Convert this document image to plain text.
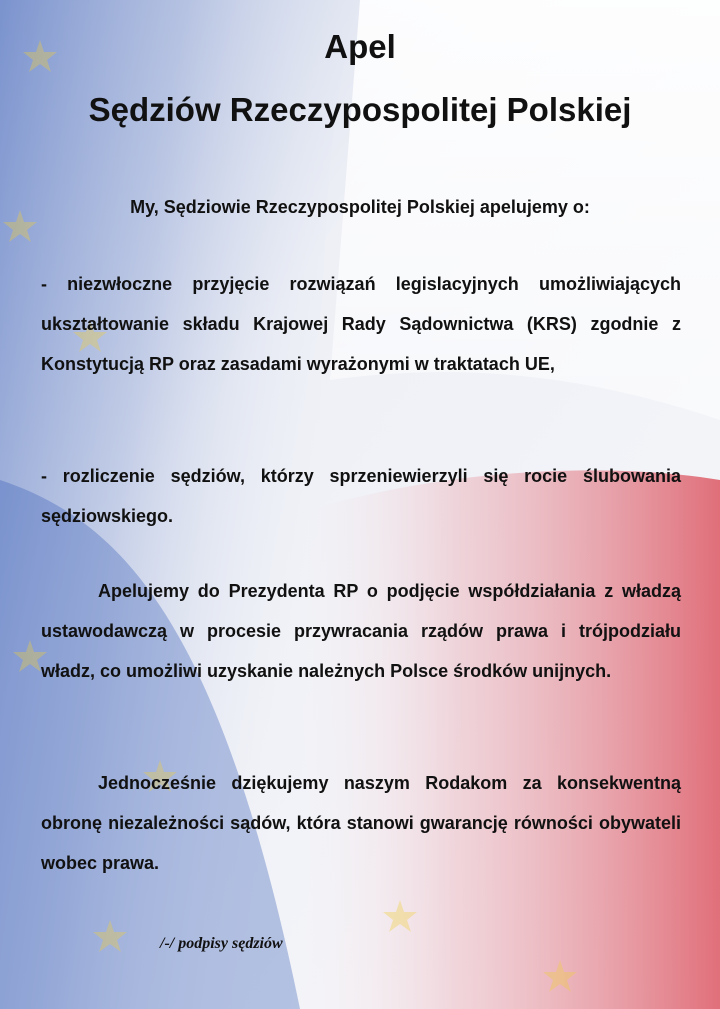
Apel
Sędziów Rzeczypospolitej Polskiej
My, Sędziowie Rzeczypospolitej Polskiej apelujemy o:

- niezwłoczne przyjęcie rozwiązań legislacyjnych umożliwiających ukształtowanie składu Krajowej Rady Sądownictwa (KRS) zgodnie z Konstytucją RP oraz zasadami wyrażonymi w traktatach UE,

- rozliczenie sędziów, którzy sprzeniewierzyli się rocie ślubowania sędziowskiego.

Apelujemy do Prezydenta RP o podjęcie współdziałania z władzą ustawodawczą w procesie przywracania rządów prawa i trójpodziału władz, co umożliwi uzyskanie należnych Polsce środków unijnych.

Jednocześnie dziękujemy naszym Rodakom za konsekwentną obronę niezależności sądów, która stanowi gwarancję równości obywateli wobec prawa.

/-/ podpisy sędziów
